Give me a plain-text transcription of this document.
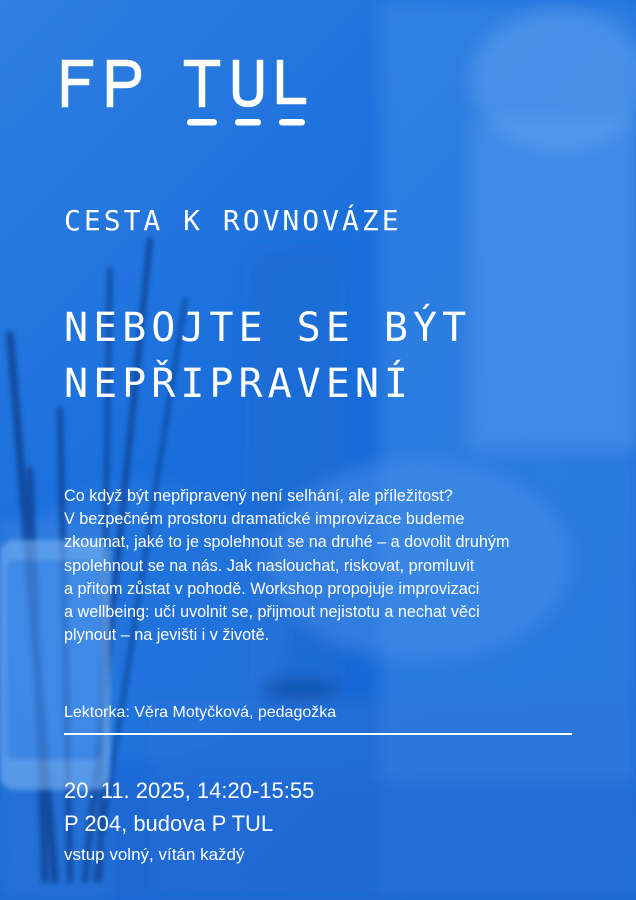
CESTA K ROVNOVÁZE
NEBOJTE SE BÝT
NEPŘIPRAVENÍ

Co když být nepřipravený není selhání, ale příležitost?
V bezpečném prostoru dramatické improvizace budeme
zkoumat, jaké to je spolehnout se na druhé – a dovolit druhým
spolehnout se na nás. Jak naslouchat, riskovat, promluvit
a přitom zůstat v pohodě. Workshop propojuje improvizaci
a wellbeing: učí uvolnit se, přijmout nejistotu a nechat věci
plynout – na jevišti i v životě.

Lektorka: Věra Motyčková, pedagožka

20. 11. 2025, 14:20-15:55

P 204, budova P TUL

vstup volný, vítán každý
